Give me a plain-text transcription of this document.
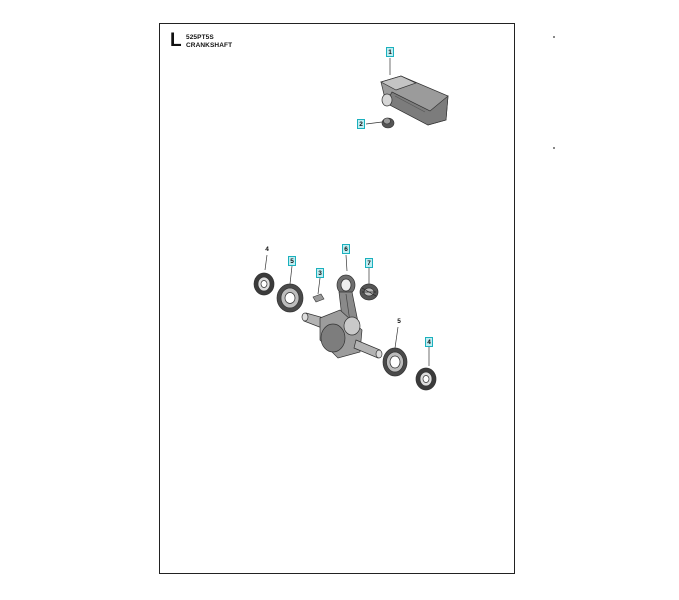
L 525PT5S
CRANKSHAFT
1
2
4
5
3
6
7
5
4
